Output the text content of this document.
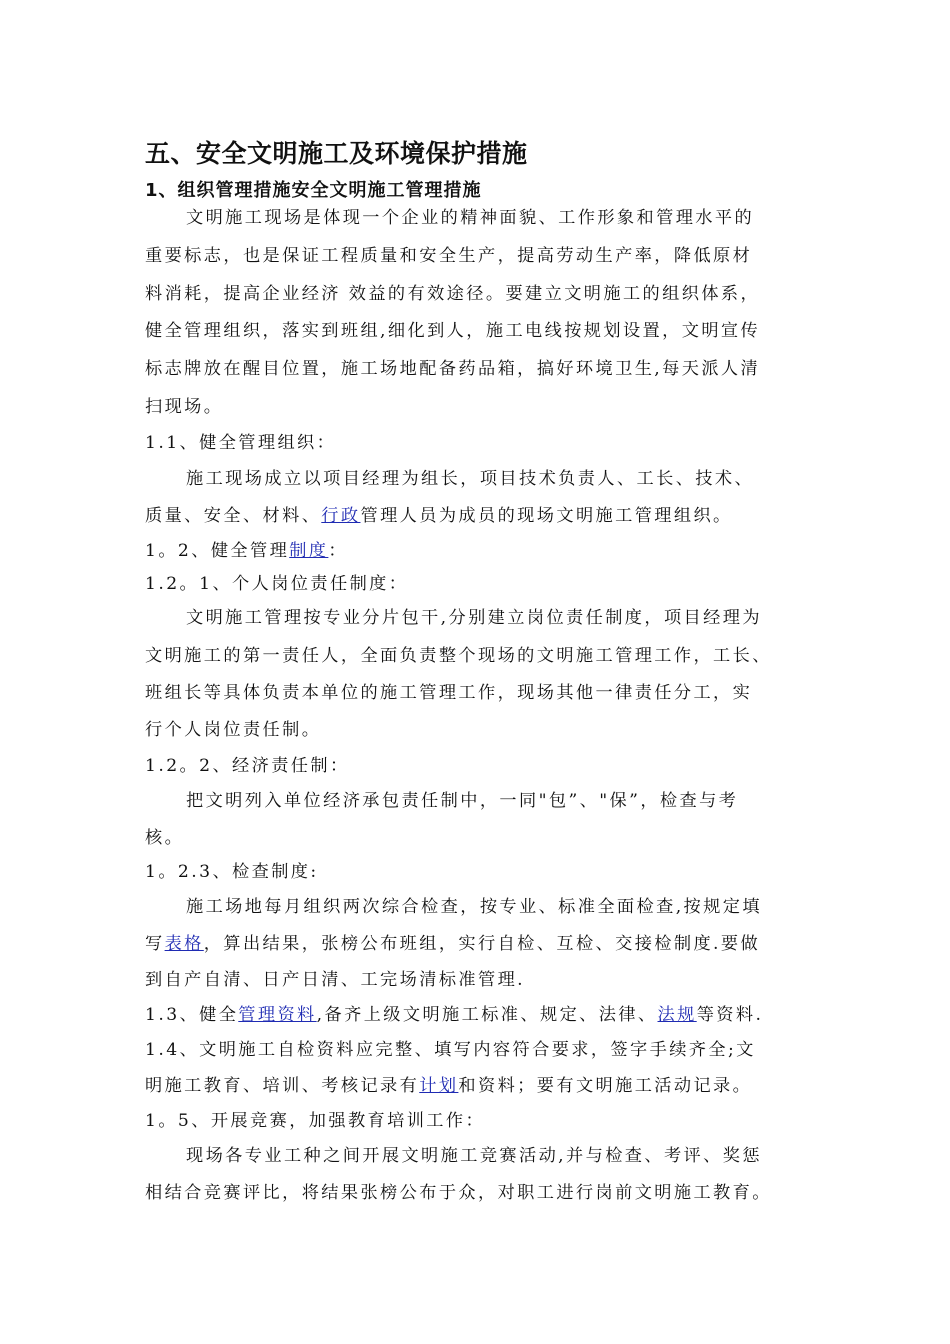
五、安全文明施工及环境保护措施
1、组织管理措施安全文明施工管理措施
文明施工现场是体现一个企业的精神面貌、工作形象和管理水平的
重要标志，也是保证工程质量和安全生产，提高劳动生产率，降低原材
料消耗，提高企业经济 效益的有效途径。要建立文明施工的组织体系，
健全管理组织，落实到班组,细化到人，施工电线按规划设置，文明宣传
标志牌放在醒目位置，施工场地配备药品箱，搞好环境卫生,每天派人清
扫现场。
1.1、健全管理组织：
施工现场成立以项目经理为组长，项目技术负责人、工长、技术、
质量、安全、材料、行政管理人员为成员的现场文明施工管理组织。
1。2、健全管理制度：
1.2。1、个人岗位责任制度：
文明施工管理按专业分片包干,分别建立岗位责任制度，项目经理为
文明施工的第一责任人，全面负责整个现场的文明施工管理工作，工长、
班组长等具体负责本单位的施工管理工作，现场其他一律责任分工，实
行个人岗位责任制。
1.2。2、经济责任制：
把文明列入单位经济承包责任制中，一同"包”、"保”，检查与考
核。
1。2.3、检查制度:
施工场地每月组织两次综合检查，按专业、标准全面检查,按规定填
写表格，算出结果，张榜公布班组，实行自检、互检、交接检制度.要做
到自产自清、日产日清、工完场清标准管理.
1.3、健全管理资料,备齐上级文明施工标准、规定、法律、法规等资料.
1.4、文明施工自检资料应完整、填写内容符合要求，签字手续齐全;文
明施工教育、培训、考核记录有计划和资料；要有文明施工活动记录。
1。5、开展竞赛，加强教育培训工作：
现场各专业工种之间开展文明施工竞赛活动,并与检查、考评、奖惩
相结合竞赛评比，将结果张榜公布于众，对职工进行岗前文明施工教育。
